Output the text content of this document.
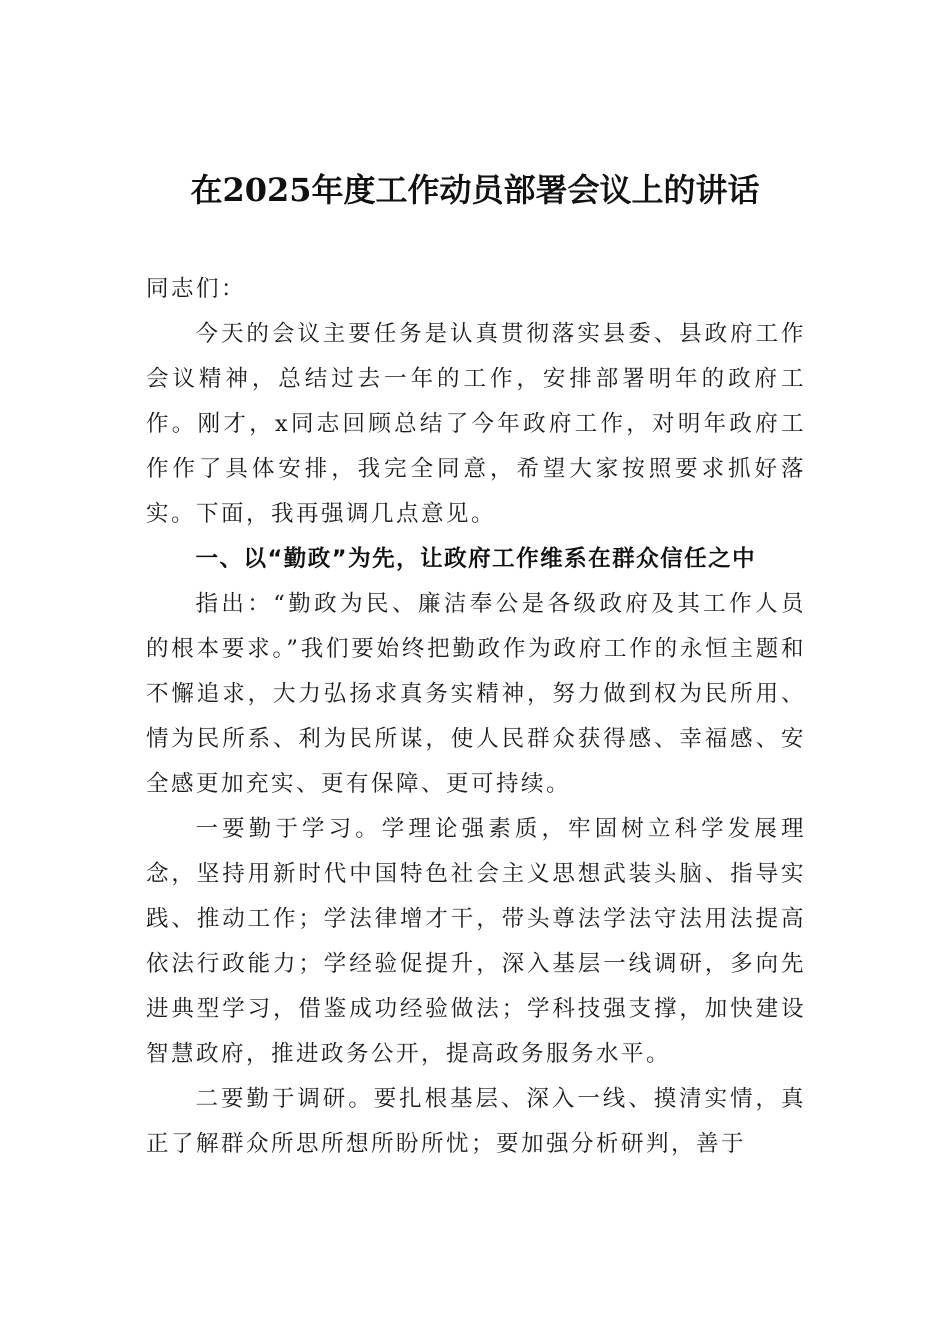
在2025年度工作动员部署会议上的讲话

同志们：

今天的会议主要任务是认真贯彻落实县委、县政府工作会议精神，总结过去一年的工作，安排部署明年的政府工作。刚才，x同志回顾总结了今年政府工作，对明年政府工作作了具体安排，我完全同意，希望大家按照要求抓好落实。下面，我再强调几点意见。

一、以“勤政”为先，让政府工作维系在群众信任之中

指出：“勤政为民、廉洁奉公是各级政府及其工作人员的根本要求。”我们要始终把勤政作为政府工作的永恒主题和不懈追求，大力弘扬求真务实精神，努力做到权为民所用、情为民所系、利为民所谋，使人民群众获得感、幸福感、安全感更加充实、更有保障、更可持续。

一要勤于学习。学理论强素质，牢固树立科学发展理念，坚持用新时代中国特色社会主义思想武装头脑、指导实践、推动工作；学法律增才干，带头尊法学法守法用法提高依法行政能力；学经验促提升，深入基层一线调研，多向先进典型学习，借鉴成功经验做法；学科技强支撑，加快建设智慧政府，推进政务公开，提高政务服务水平。

二要勤于调研。要扎根基层、深入一线、摸清实情，真正了解群众所思所想所盼所忧；要加强分析研判，善于
